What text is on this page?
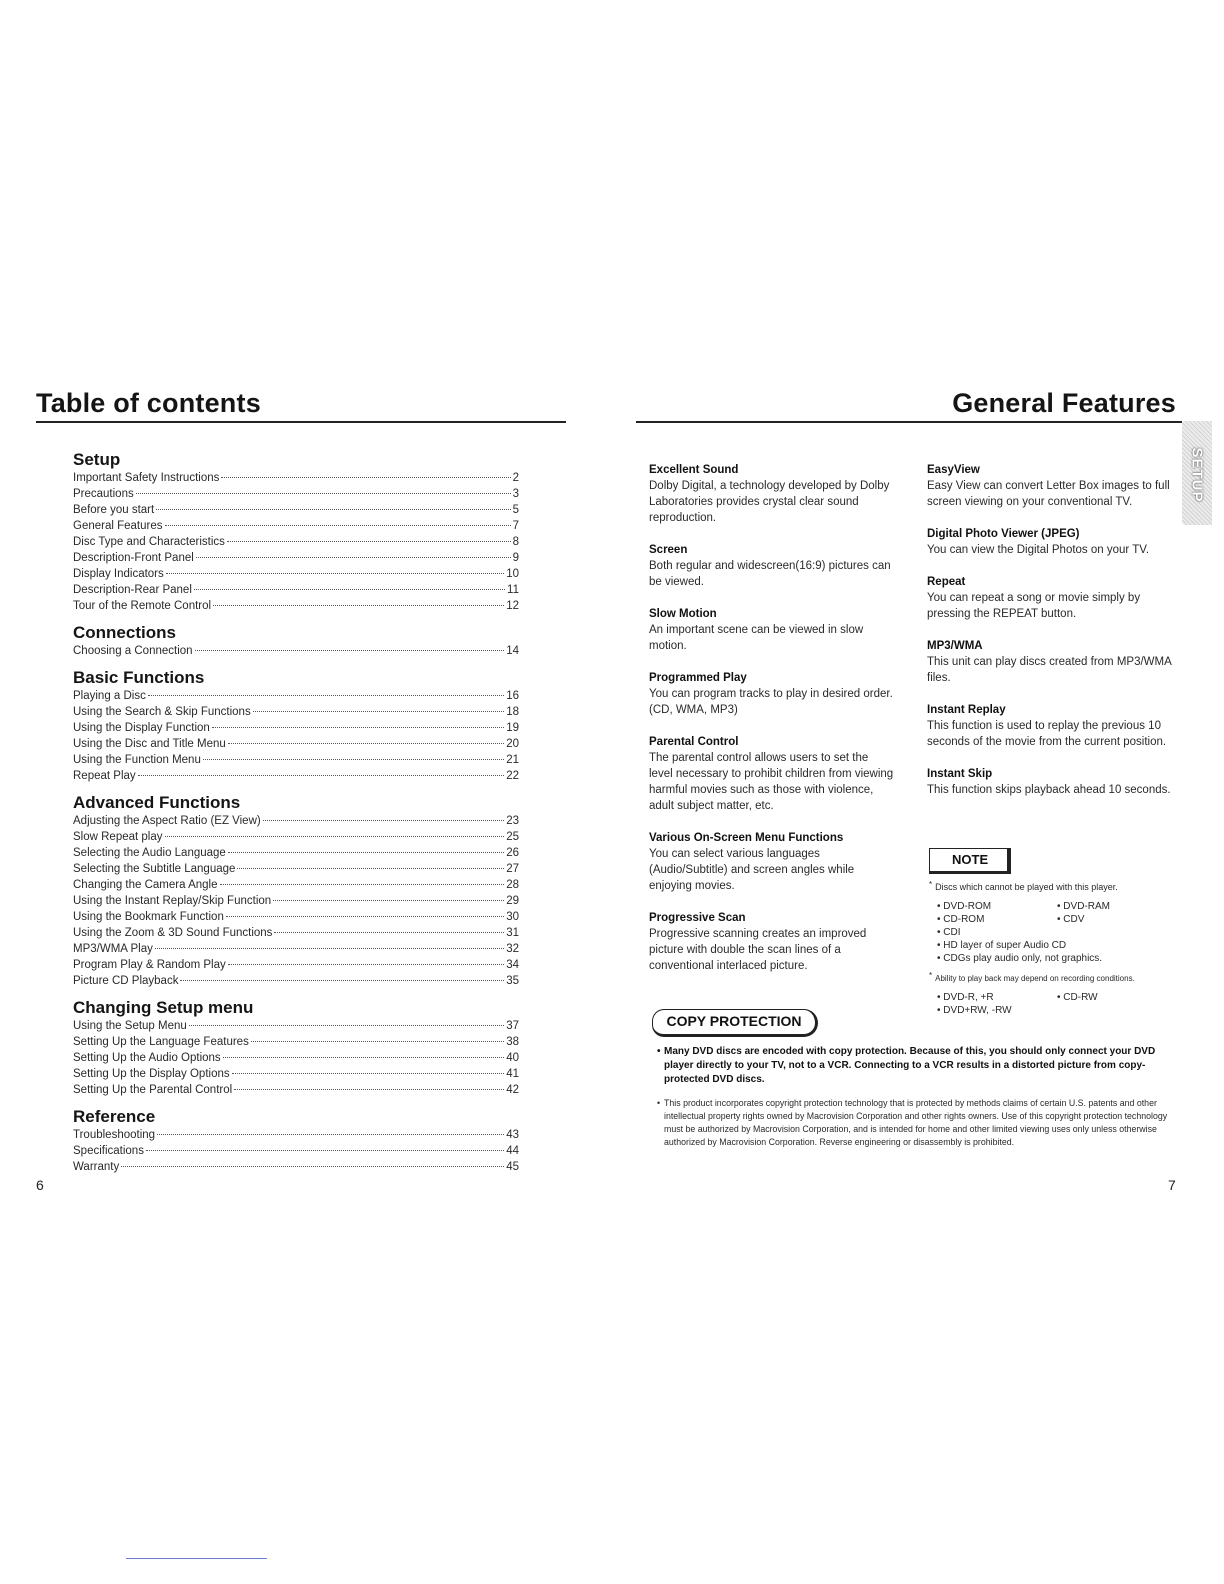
Table of contents
Setup
Important Safety Instructions	2
Precautions	3
Before you start	5
General Features	7
Disc Type and Characteristics	8
Description-Front Panel	9
Display Indicators	10
Description-Rear Panel	11
Tour of the Remote Control	12
Connections
Choosing a Connection	14
Basic Functions
Playing a Disc	16
Using the Search & Skip Functions	18
Using the Display Function	19
Using the Disc and Title Menu	20
Using the Function Menu	21
Repeat Play	22
Advanced Functions
Adjusting the Aspect Ratio (EZ View)	23
Slow Repeat play	25
Selecting the Audio Language	26
Selecting the Subtitle Language	27
Changing the Camera Angle	28
Using the Instant Replay/Skip Function	29
Using the Bookmark Function	30
Using the Zoom & 3D Sound Functions	31
MP3/WMA Play	32
Program Play & Random Play	34
Picture CD Playback	35
Changing Setup menu
Using the Setup Menu	37
Setting Up the Language Features	38
Setting Up the Audio Options	40
Setting Up the Display Options	41
Setting Up the Parental Control	42
Reference
Troubleshooting	43
Specifications	44
Warranty	45
6
General Features
SETUP
Excellent Sound

Dolby Digital, a technology developed by Dolby Laboratories provides crystal clear sound reproduction.

Screen

Both regular and widescreen(16:9) pictures can be viewed.

Slow Motion

An important scene can be viewed in slow motion.

Programmed Play

You can program tracks to play in desired order. (CD, WMA, MP3)

Parental Control

The parental control allows users to set the level necessary to prohibit children from viewing harmful movies such as those with violence, adult subject matter, etc.

Various On-Screen Menu Functions

You can select various languages (Audio/Subtitle) and screen angles while enjoying movies.

Progressive Scan

Progressive scanning creates an improved picture with double the scan lines of a conventional interlaced picture.

EasyView

Easy View can convert Letter Box images to full screen viewing on your conventional TV.

Digital Photo Viewer (JPEG)

You can view the Digital Photos on your TV.

Repeat

You can repeat a song or movie simply by pressing the REPEAT button.

MP3/WMA

This unit can play discs created from MP3/WMA files.

Instant Replay

This function is used to replay the previous 10 seconds of the movie from the current position.

Instant Skip

This function skips playback ahead 10 seconds.

NOTE
* Discs which cannot be played with this player.
• DVD-ROM	• DVD-RAM
• CD-ROM	• CDV
• CDI
• HD layer of super Audio CD
• CDGs play audio only, not graphics.
* Ability to play back may depend on recording conditions.
• DVD-R, +R	• CD-RW
• DVD+RW, -RW
COPY PROTECTION
• Many DVD discs are encoded with copy protection. Because of this, you should only connect your DVD player directly to your TV, not to a VCR. Connecting to a VCR results in a distorted picture from copy-protected DVD discs.
• This product incorporates copyright protection technology that is protected by methods claims of certain U.S. patents and other intellectual property rights owned by Macrovision Corporation and other rights owners. Use of this copyright protection technology must be authorized by Macrovision Corporation, and is intended for home and other limited viewing uses only unless otherwise authorized by Macrovision Corporation. Reverse engineering or disassembly is prohibited.
7
